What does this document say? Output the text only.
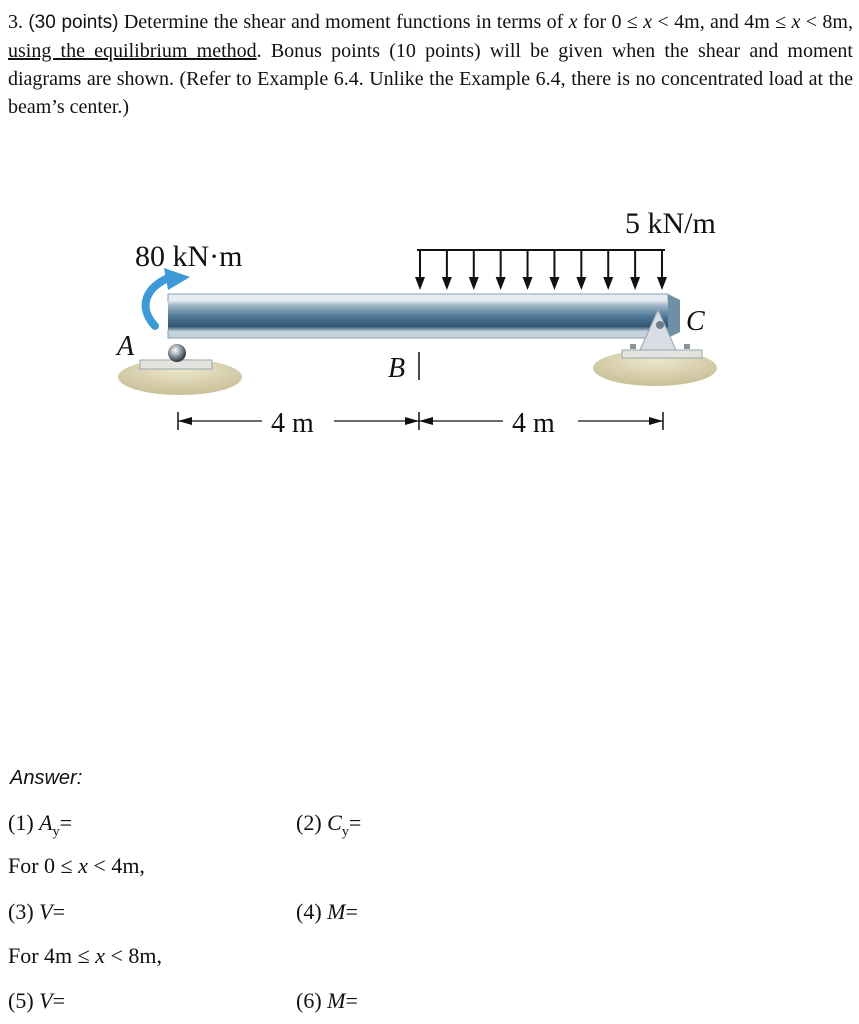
3. (30 points) Determine the shear and moment functions in terms of x for 0 ≤ x < 4m, and 4m ≤ x < 8m, using the equilibrium method. Bonus points (10 points) will be given when the shear and moment diagrams are shown. (Refer to Example 6.4. Unlike the Example 6.4, there is no concentrated load at the beam’s center.)

80 kN·m
5 kN/m
A
B
C
4 m	4 m
Answer:
(1) $A_y=$	(2) $C_y=$
For 0 ≤ x < 4m,
(3) V=	(4) M=
For 4m ≤ x < 8m,
(5) V=	(6) M=
